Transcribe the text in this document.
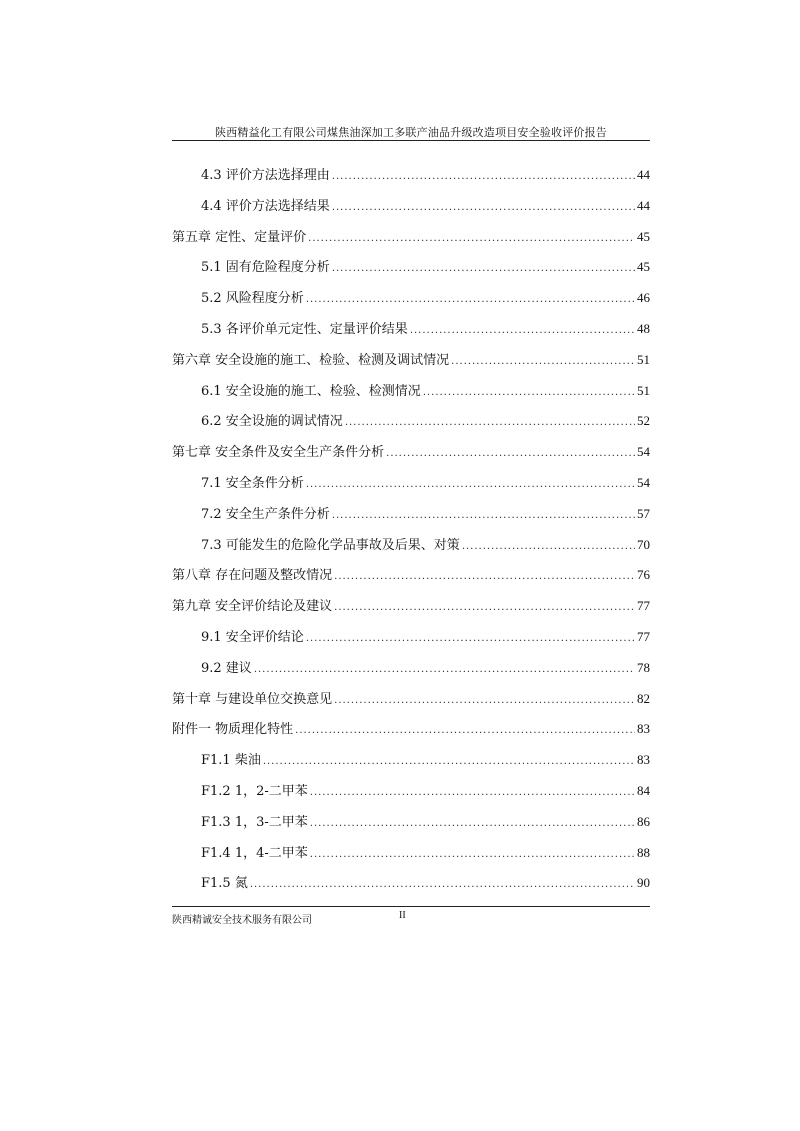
陕西精益化工有限公司煤焦油深加工多联产油品升级改造项目安全验收评价报告
4.3 评价方法选择理由 .....	44
4.4 评价方法选择结果 .....	44
第五章 定性、定量评价 .....	45
5.1 固有危险程度分析 .....	45
5.2 风险程度分析 .....	46
5.3 各评价单元定性、定量评价结果 .....	48
第六章 安全设施的施工、检验、检测及调试情况 .....	51
6.1 安全设施的施工、检验、检测情况 .....	51
6.2 安全设施的调试情况 .....	52
第七章 安全条件及安全生产条件分析 .....	54
7.1 安全条件分析 .....	54
7.2 安全生产条件分析 .....	57
7.3 可能发生的危险化学品事故及后果、对策 .....	70
第八章 存在问题及整改情况 .....	76
第九章 安全评价结论及建议 .....	77
9.1 安全评价结论 .....	77
9.2 建议 .....	78
第十章 与建设单位交换意见 .....	82
附件一 物质理化特性 .....	83
F1.1 柴油 .....	83
F1.2 1，2-二甲苯 .....	84
F1.3 1，3-二甲苯 .....	86
F1.4 1，4-二甲苯 .....	88
F1.5 氮 .....	90
陕西精诚安全技术服务有限公司	II
